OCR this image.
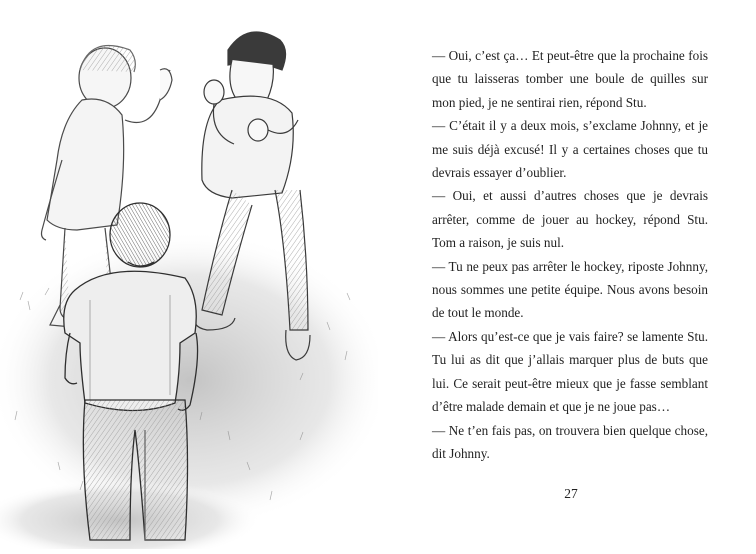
— Oui, c’est ça… Et peut-être que la prochaine fois que tu laisseras tomber une boule de quilles sur mon pied, je ne sentirai rien, répond Stu.

— C’était il y a deux mois, s’exclame Johnny, et je me suis déjà excusé! Il y a certaines choses que tu devrais essayer d’oublier.

— Oui, et aussi d’autres choses que je devrais arrêter, comme de jouer au hockey, répond Stu. Tom a raison, je suis nul.

— Tu ne peux pas arrêter le hockey, riposte Johnny, nous sommes une petite équipe. Nous avons besoin de tout le monde.

— Alors qu’est-ce que je vais faire? se lamente Stu. Tu lui as dit que j’allais marquer plus de buts que lui. Ce serait peut-être mieux que je fasse semblant d’être malade demain et que je ne joue pas…

— Ne t’en fais pas, on trouvera bien quelque chose, dit Johnny.

27
